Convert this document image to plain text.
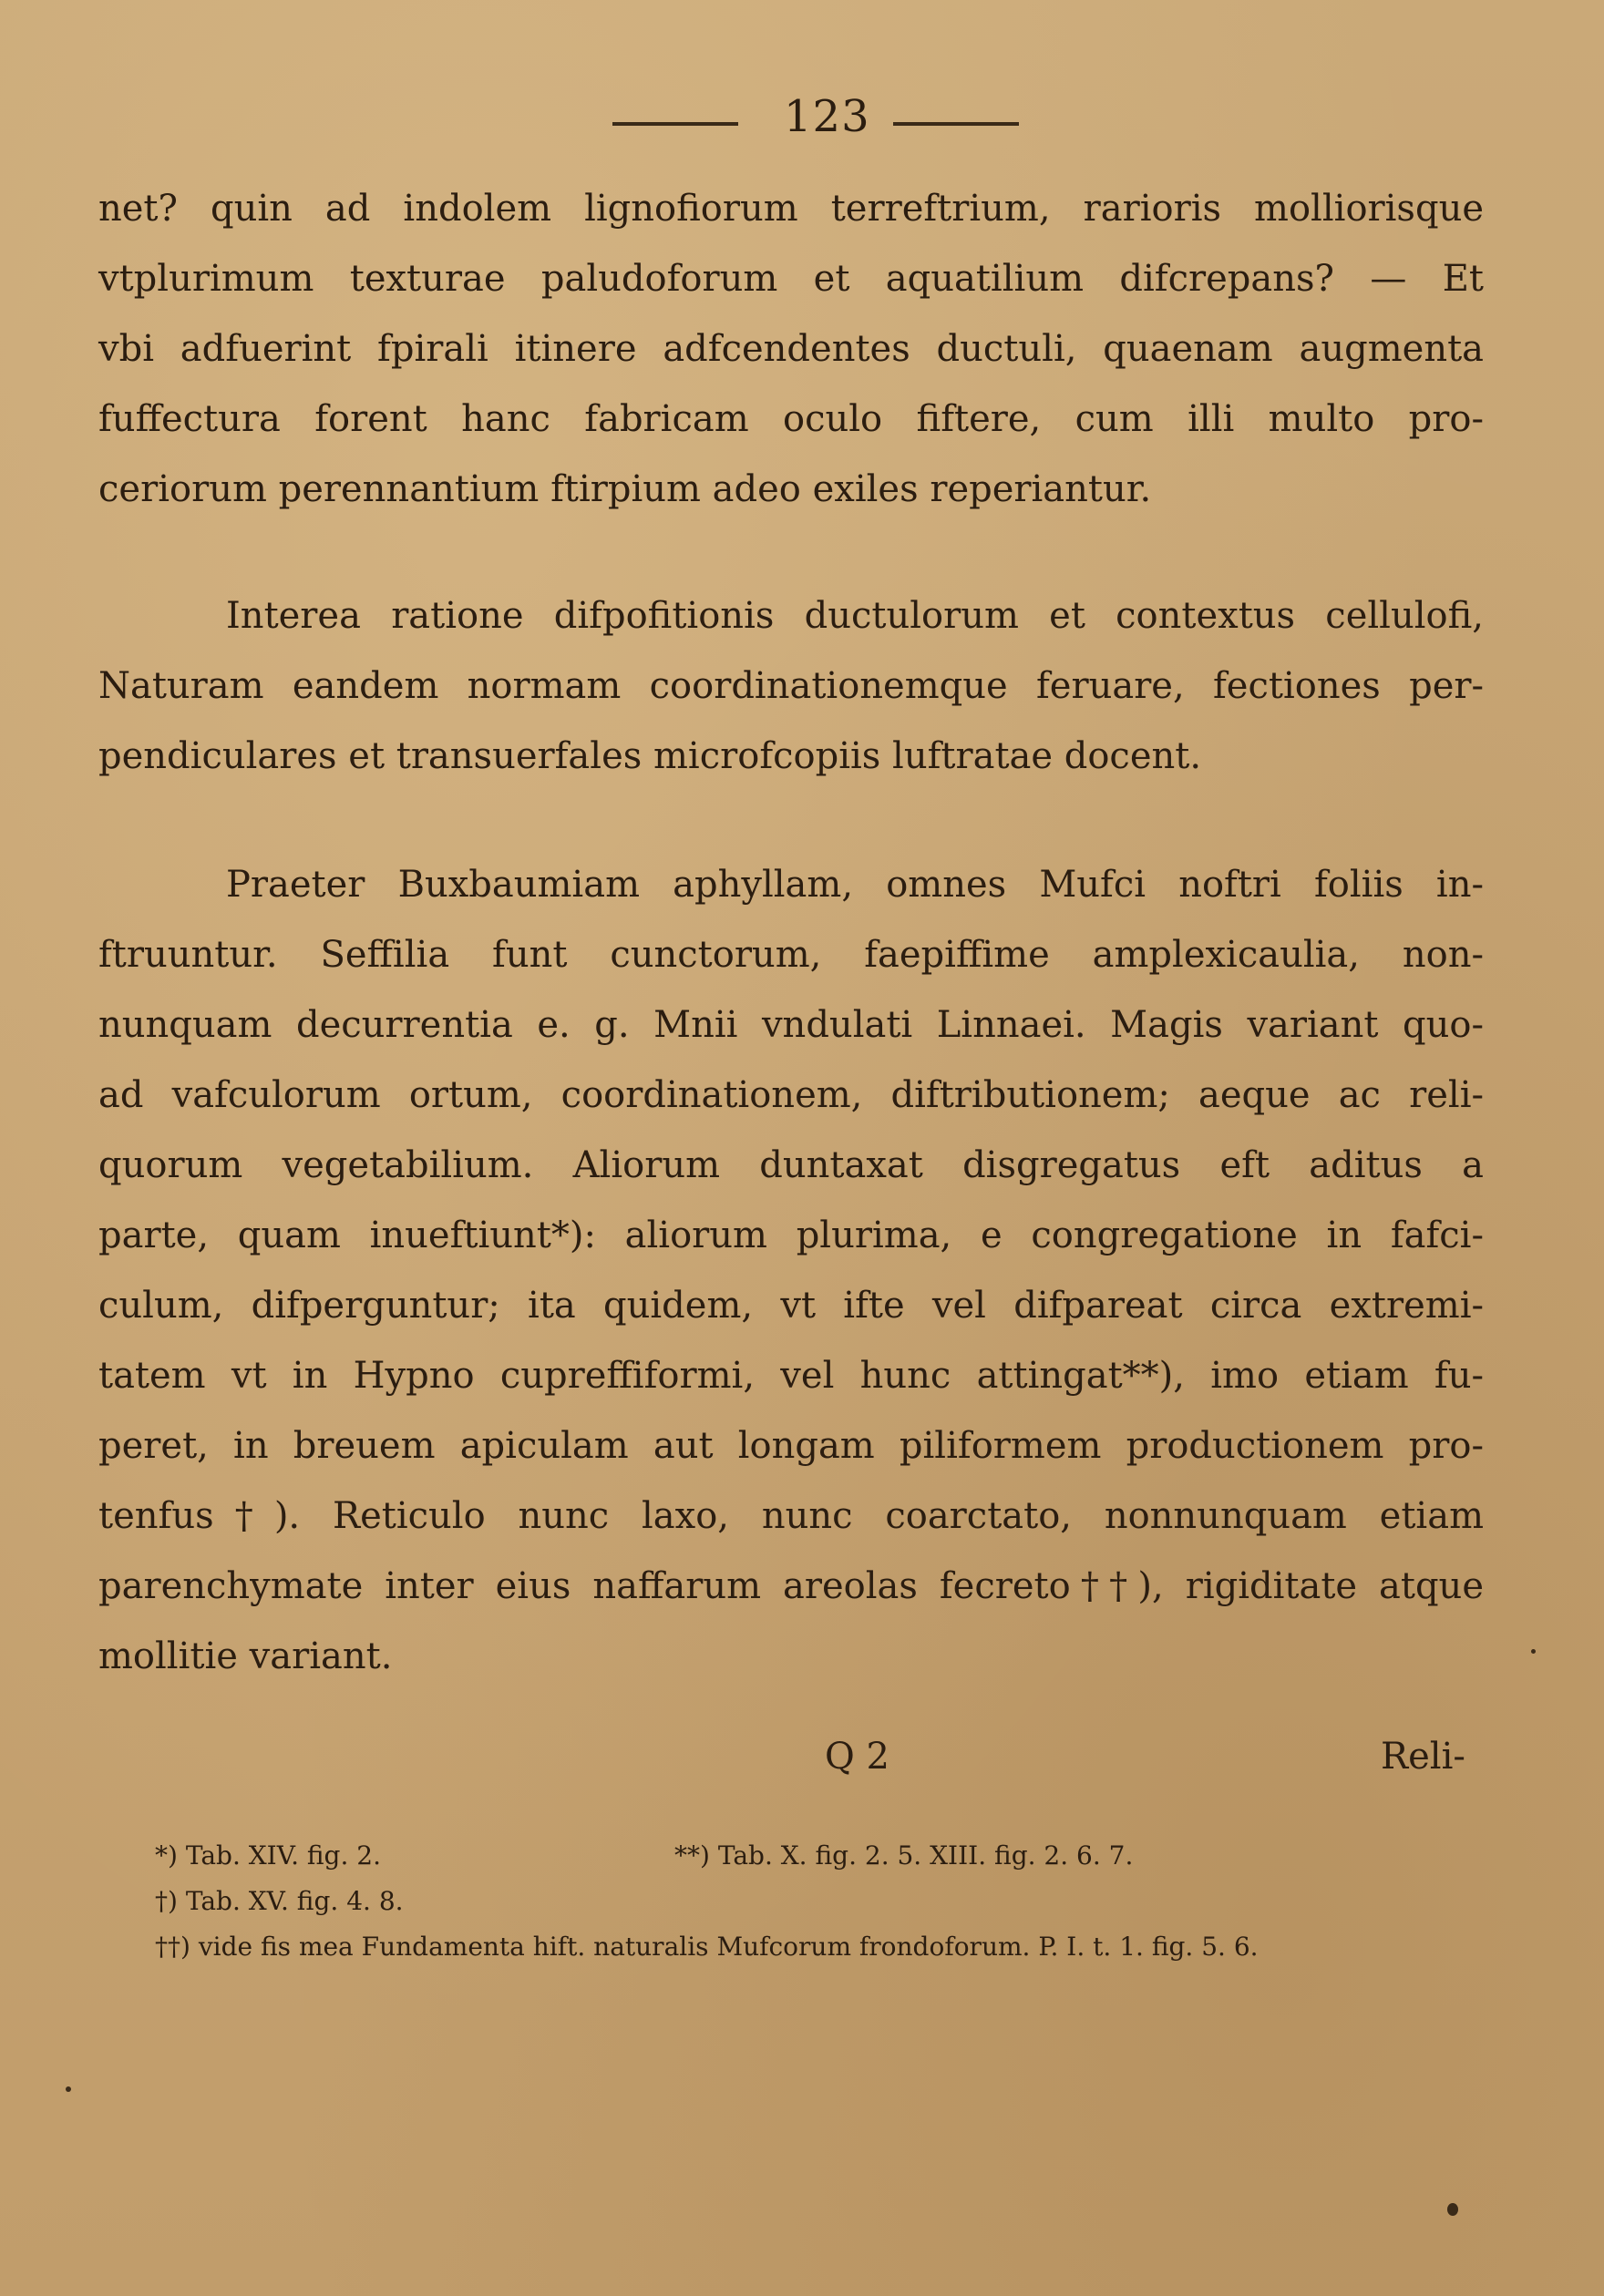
123
net? quin ad indolem lignofiorum terreftrium, rarioris molliorisque
vtplurimum texturae paludoforum et aquatilium difcrepans? — Et
vbi adfuerint fpirali itinere adfcendentes ductuli, quaenam augmenta
fuffectura forent hanc fabricam oculo fiftere, cum illi multo pro-
ceriorum perennantium ftirpium adeo exiles reperiantur.
Interea ratione difpofitionis ductulorum et contextus cellulofi,
Naturam eandem normam coordinationemque feruare, fectiones per-
pendiculares et transuerfales microfcopiis luftratae docent.
Praeter Buxbaumiam aphyllam, omnes Mufci noftri foliis in-
ftruuntur. Seffilia funt cunctorum, faepiffime amplexicaulia, non-
nunquam decurrentia e. g. Mnii vndulati Linnaei. Magis variant quo-
ad vafculorum ortum, coordinationem, diftributionem; aeque ac reli-
quorum vegetabilium. Aliorum duntaxat disgregatus eft aditus a
parte, quam inueftiunt*): aliorum plurima, e congregatione in fafci-
culum, difperguntur; ita quidem, vt ifte vel difpareat circa extremi-
tatem vt in Hypno cupreffiformi, vel hunc attingat**), imo etiam fu-
peret, in breuem apiculam aut longam piliformem productionem pro-
tenfus†). Reticulo nunc laxo, nunc coarctato, nonnunquam etiam
parenchymate inter eius naffarum areolas fecreto††), rigiditate atque
mollitie variant.
Q 2	Reli-
*) Tab. XIV. fig. 2.	**) Tab. X. fig. 2. 5. XIII. fig. 2. 6. 7.
†) Tab. XV. fig. 4. 8.
††) vide fis mea Fundamenta hift. naturalis Mufcorum frondoforum. P. I. t. 1. fig. 5. 6.
